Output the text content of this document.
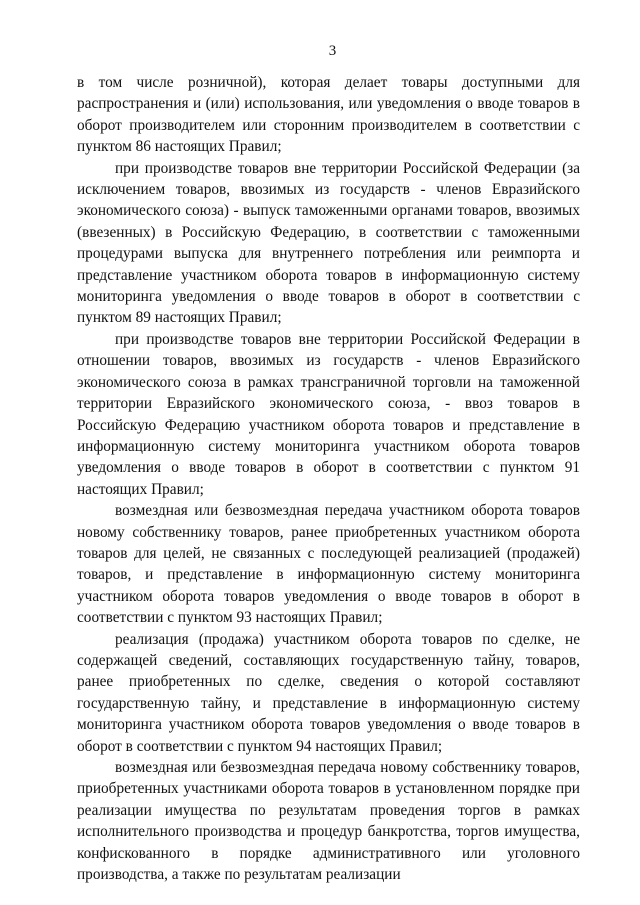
3

в том числе розничной), которая делает товары доступными для распространения и (или) использования, или уведомления о вводе товаров в оборот производителем или сторонним производителем в соответствии с пунктом 86 настоящих Правил;

при производстве товаров вне территории Российской Федерации (за исключением товаров, ввозимых из государств - членов Евразийского экономического союза) - выпуск таможенными органами товаров, ввозимых (ввезенных) в Российскую Федерацию, в соответствии с таможенными процедурами выпуска для внутреннего потребления или реимпорта и представление участником оборота товаров в информационную систему мониторинга уведомления о вводе товаров в оборот в соответствии с пунктом 89 настоящих Правил;

при производстве товаров вне территории Российской Федерации в отношении товаров, ввозимых из государств - членов Евразийского экономического союза в рамках трансграничной торговли на таможенной территории Евразийского экономического союза, - ввоз товаров в Российскую Федерацию участником оборота товаров и представление в информационную систему мониторинга участником оборота товаров уведомления о вводе товаров в оборот в соответствии с пунктом 91 настоящих Правил;

возмездная или безвозмездная передача участником оборота товаров новому собственнику товаров, ранее приобретенных участником оборота товаров для целей, не связанных с последующей реализацией (продажей) товаров, и представление в информационную систему мониторинга участником оборота товаров уведомления о вводе товаров в оборот в соответствии с пунктом 93 настоящих Правил;

реализация (продажа) участником оборота товаров по сделке, не содержащей сведений, составляющих государственную тайну, товаров, ранее приобретенных по сделке, сведения о которой составляют государственную тайну, и представление в информационную систему мониторинга участником оборота товаров уведомления о вводе товаров в оборот в соответствии с пунктом 94 настоящих Правил;

возмездная или безвозмездная передача новому собственнику товаров, приобретенных участниками оборота товаров в установленном порядке при реализации имущества по результатам проведения торгов в рамках исполнительного производства и процедур банкротства, торгов имущества, конфискованного в порядке административного или уголовного производства, а также по результатам реализации
